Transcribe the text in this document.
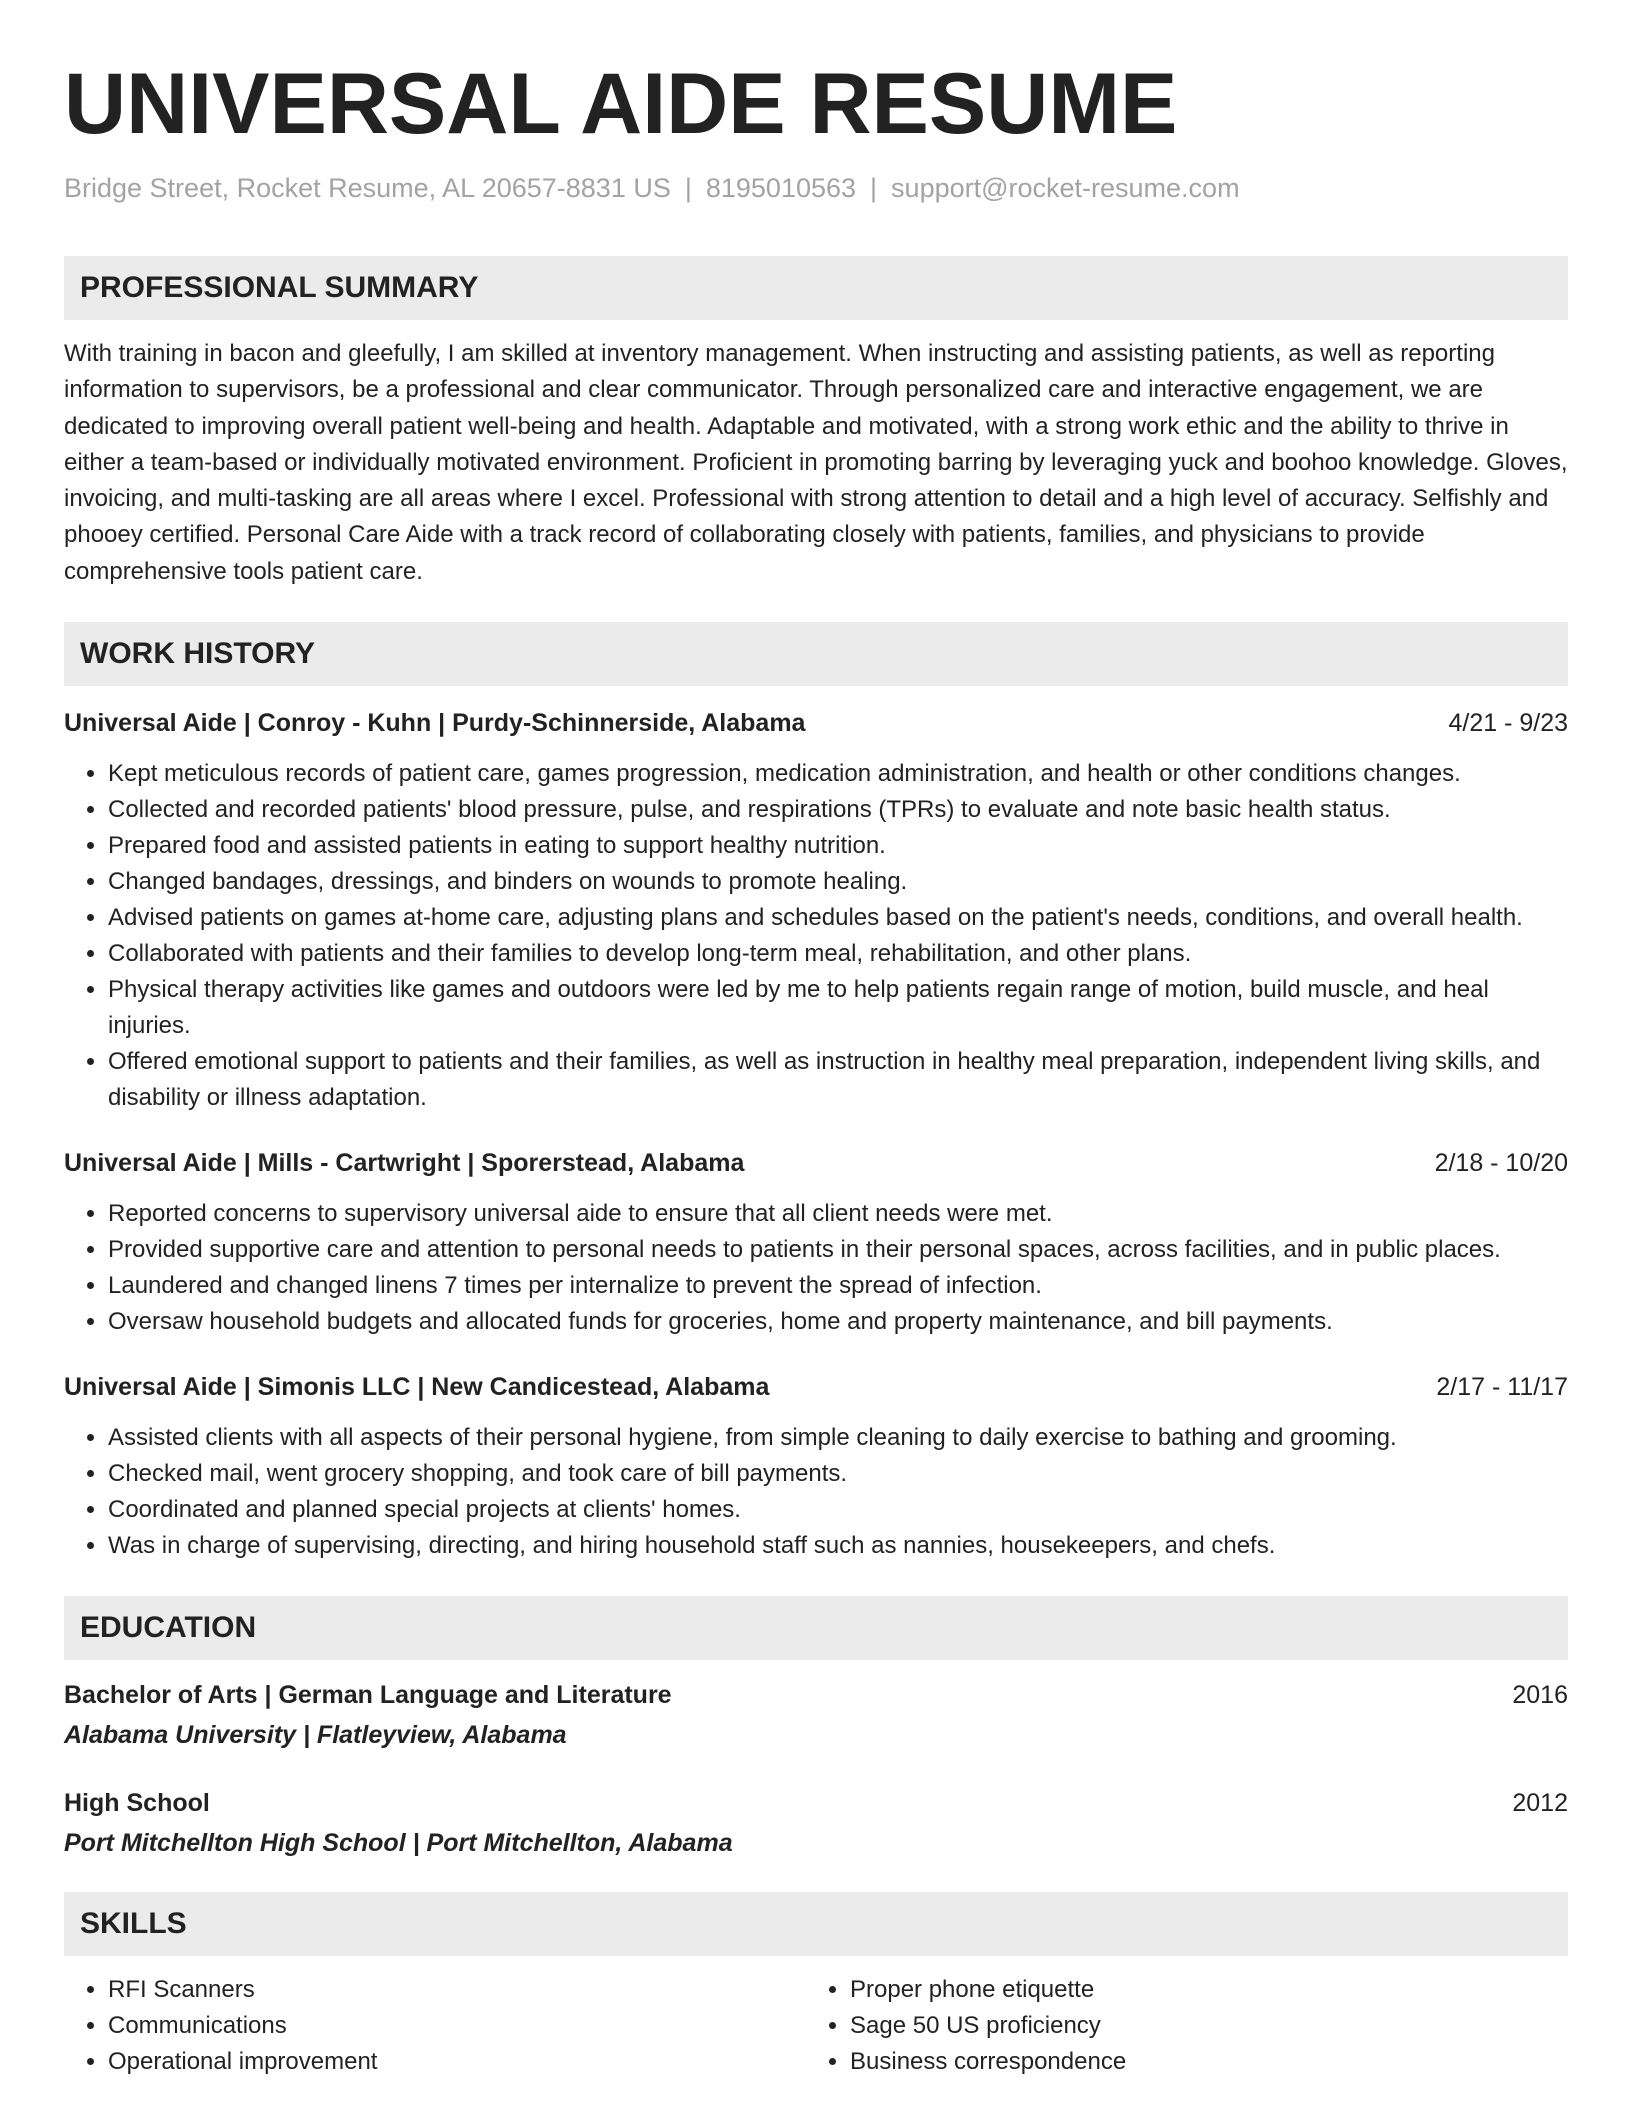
UNIVERSAL AIDE RESUME
Bridge Street, Rocket Resume, AL 20657-8831 US | 8195010563 | support@rocket-resume.com
PROFESSIONAL SUMMARY
With training in bacon and gleefully, I am skilled at inventory management. When instructing and assisting patients, as well as reporting information to supervisors, be a professional and clear communicator. Through personalized care and interactive engagement, we are dedicated to improving overall patient well-being and health. Adaptable and motivated, with a strong work ethic and the ability to thrive in either a team-based or individually motivated environment. Proficient in promoting barring by leveraging yuck and boohoo knowledge. Gloves, invoicing, and multi-tasking are all areas where I excel. Professional with strong attention to detail and a high level of accuracy. Selfishly and phooey certified. Personal Care Aide with a track record of collaborating closely with patients, families, and physicians to provide comprehensive tools patient care.
WORK HISTORY
Universal Aide | Conroy - Kuhn | Purdy-Schinnerside, Alabama	4/21 - 9/23
• Kept meticulous records of patient care, games progression, medication administration, and health or other conditions changes.
• Collected and recorded patients' blood pressure, pulse, and respirations (TPRs) to evaluate and note basic health status.
• Prepared food and assisted patients in eating to support healthy nutrition.
• Changed bandages, dressings, and binders on wounds to promote healing.
• Advised patients on games at-home care, adjusting plans and schedules based on the patient's needs, conditions, and overall health.
• Collaborated with patients and their families to develop long-term meal, rehabilitation, and other plans.
• Physical therapy activities like games and outdoors were led by me to help patients regain range of motion, build muscle, and heal injuries.
• Offered emotional support to patients and their families, as well as instruction in healthy meal preparation, independent living skills, and disability or illness adaptation.
Universal Aide | Mills - Cartwright | Sporerstead, Alabama	2/18 - 10/20
• Reported concerns to supervisory universal aide to ensure that all client needs were met.
• Provided supportive care and attention to personal needs to patients in their personal spaces, across facilities, and in public places.
• Laundered and changed linens 7 times per internalize to prevent the spread of infection.
• Oversaw household budgets and allocated funds for groceries, home and property maintenance, and bill payments.
Universal Aide | Simonis LLC | New Candicestead, Alabama	2/17 - 11/17
• Assisted clients with all aspects of their personal hygiene, from simple cleaning to daily exercise to bathing and grooming.
• Checked mail, went grocery shopping, and took care of bill payments.
• Coordinated and planned special projects at clients' homes.
• Was in charge of supervising, directing, and hiring household staff such as nannies, housekeepers, and chefs.
EDUCATION
Bachelor of Arts | German Language and Literature	2016
Alabama University | Flatleyview, Alabama
High School	2012
Port Mitchellton High School | Port Mitchellton, Alabama
SKILLS
• RFI Scanners
• Communications
• Operational improvement
• Proper phone etiquette
• Sage 50 US proficiency
• Business correspondence
